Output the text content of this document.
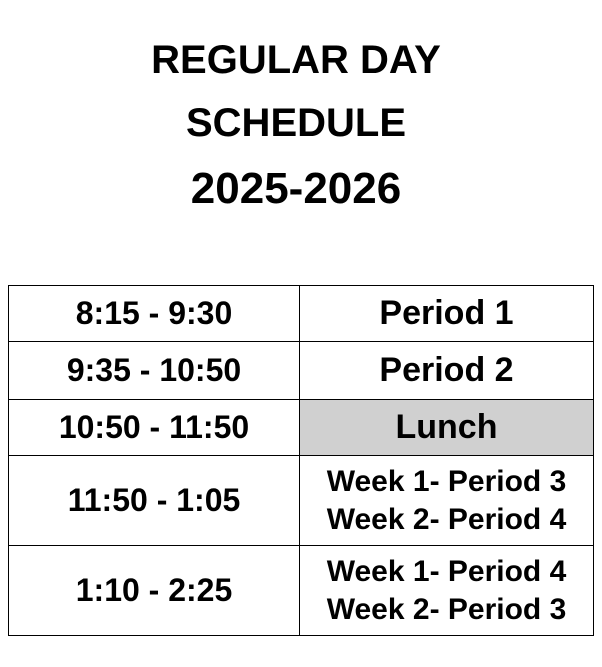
REGULAR DAY
SCHEDULE
2025-2026
8:15 - 9:30	Period 1
9:35 - 10:50	Period 2
10:50 - 11:50	Lunch
11:50 - 1:05	Week 1- Period 3
Week 2- Period 4

1:10 - 2:25	Week 1- Period 4
Week 2- Period 3
